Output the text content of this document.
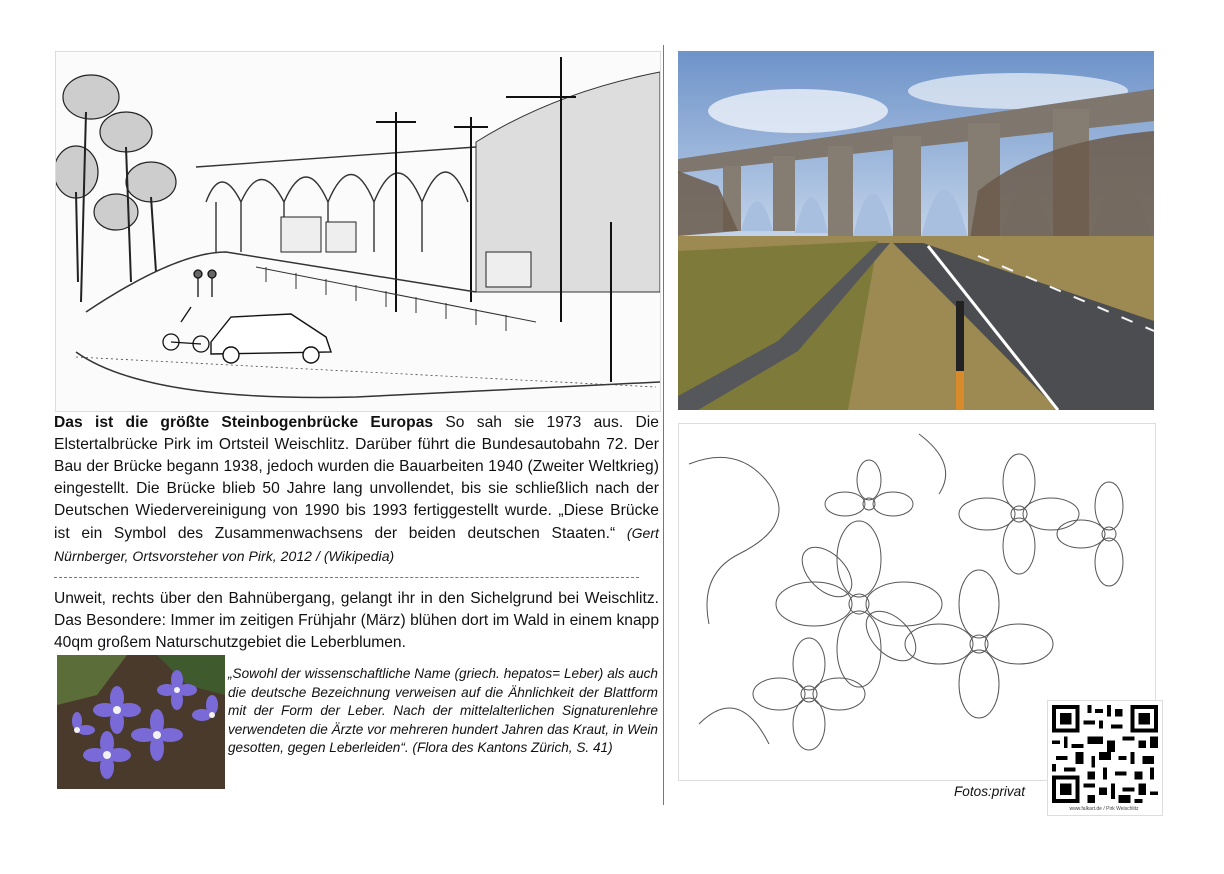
Das ist die größte Steinbogenbrücke Europas So sah sie 1973 aus. Die Elstertalbrücke Pirk im Ortsteil Weischlitz. Darüber führt die Bundesautobahn 72. Der Bau der Brücke begann 1938, jedoch wurden die Bauarbeiten 1940 (Zweiter Weltkrieg) eingestellt. Die Brücke blieb 50 Jahre lang unvollendet, bis sie schließlich nach der Deutschen Wiedervereinigung von 1990 bis 1993 fertiggestellt wurde. „Diese Brücke ist ein Symbol des Zusammenwachsens der beiden deutschen Staaten.“ (Gert Nürnberger, Ortsvorsteher von Pirk, 2012 / (Wikipedia)
Unweit, rechts über den Bahnübergang, gelangt ihr in den Sichelgrund bei Weischlitz. Das Besondere: Immer im zeitigen Frühjahr (März) blühen dort im Wald in einem knapp 40qm großem Naturschutzgebiet die Leberblumen.
„Sowohl der wissenschaftliche Name (griech. hepatos= Leber) als auch die deutsche Bezeichnung verweisen auf die Ähnlichkeit der Blattform mit der Form der Leber. Nach der mittelalterlichen Signaturenlehre verwendeten die Ärzte vor mehreren hundert Jahren das Kraut, in Wein gesotten, gegen Leberleiden“. (Flora des Kantons Zürich, S. 41)
Fotos:privat
www.falkart.de / Pirk Weischlitz
